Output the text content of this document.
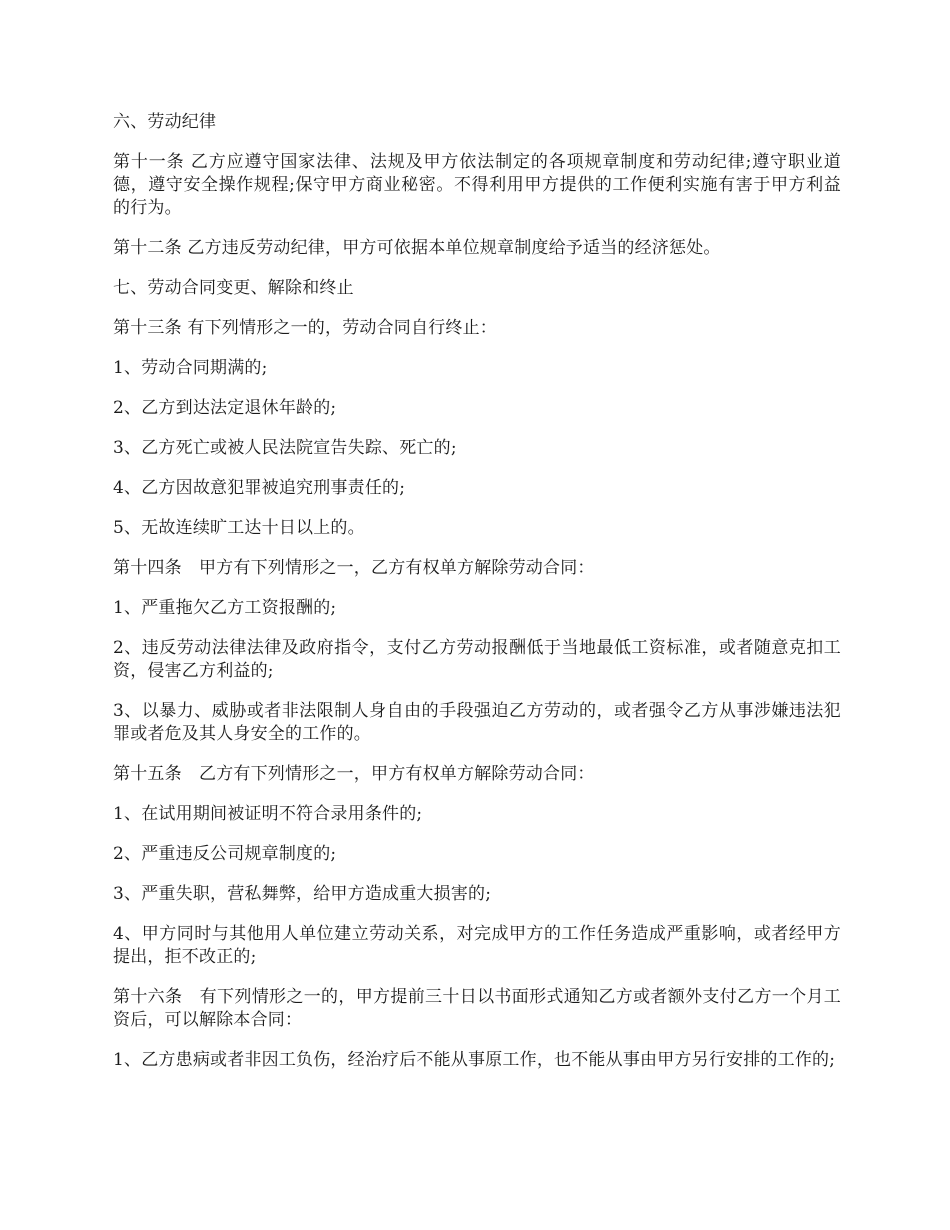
六、劳动纪律

第十一条 乙方应遵守国家法律、法规及甲方依法制定的各项规章制度和劳动纪律;遵守职业道德，遵守安全操作规程;保守甲方商业秘密。不得利用甲方提供的工作便利实施有害于甲方利益的行为。

第十二条 乙方违反劳动纪律，甲方可依据本单位规章制度给予适当的经济惩处。

七、劳动合同变更、解除和终止

第十三条 有下列情形之一的，劳动合同自行终止：

1、劳动合同期满的;

2、乙方到达法定退休年龄的;

3、乙方死亡或被人民法院宣告失踪、死亡的;

4、乙方因故意犯罪被追究刑事责任的;

5、无故连续旷工达十日以上的。

第十四条　甲方有下列情形之一，乙方有权单方解除劳动合同：

1、严重拖欠乙方工资报酬的;

2、违反劳动法律法律及政府指令，支付乙方劳动报酬低于当地最低工资标准，或者随意克扣工资，侵害乙方利益的;

3、以暴力、威胁或者非法限制人身自由的手段强迫乙方劳动的，或者强令乙方从事涉嫌违法犯罪或者危及其人身安全的工作的。

第十五条　乙方有下列情形之一，甲方有权单方解除劳动合同：

1、在试用期间被证明不符合录用条件的;

2、严重违反公司规章制度的;

3、严重失职，营私舞弊，给甲方造成重大损害的;

4、甲方同时与其他用人单位建立劳动关系，对完成甲方的工作任务造成严重影响，或者经甲方提出，拒不改正的;

第十六条　有下列情形之一的，甲方提前三十日以书面形式通知乙方或者额外支付乙方一个月工资后，可以解除本合同：

1、乙方患病或者非因工负伤，经治疗后不能从事原工作，也不能从事由甲方另行安排的工作的;
